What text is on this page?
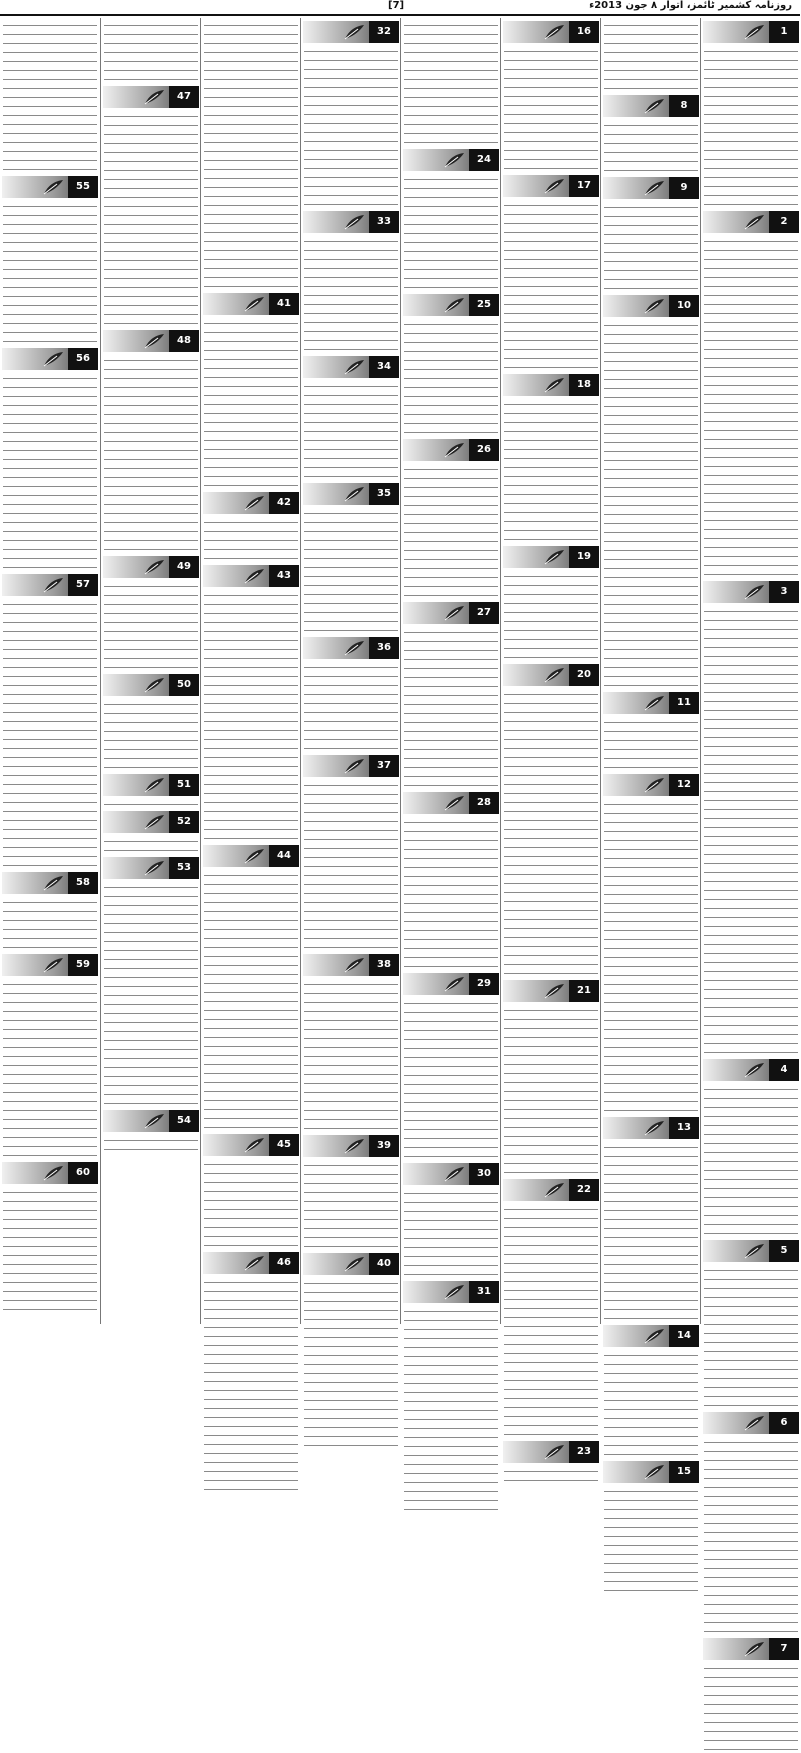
روزنامہ کشمیر ٹائمز، اتوار ۸ جون 2013ء
[7]
1
2
3
4
5
6
7
8
9
10
11
12
13
14
15
16
17
18
19
20
21
22
23
24
25
26
27
28
29
30
31
32
33
34
35
36
37
38
39
40
41
42
43
44
45
46
47
48
49
50
51
52
53
54
55
56
57
58
59
60
